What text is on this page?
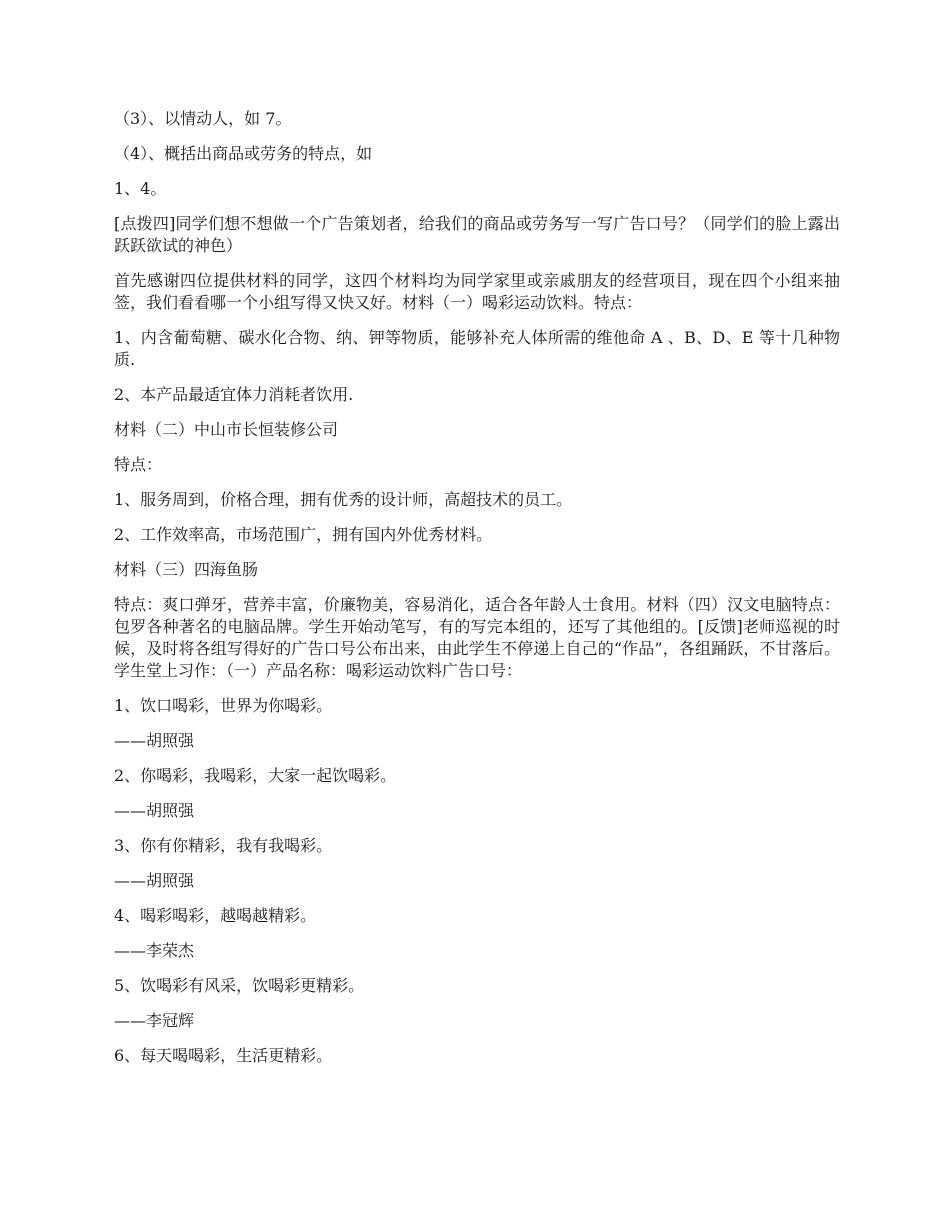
（3）、以情动人，如 7。

（4）、概括出商品或劳务的特点，如

1、4。

[点拨四]同学们想不想做一个广告策划者，给我们的商品或劳务写一写广告口号？（同学们的脸上露出跃跃欲试的神色）

首先感谢四位提供材料的同学，这四个材料均为同学家里或亲戚朋友的经营项目，现在四个小组来抽签，我们看看哪一个小组写得又快又好。材料（一）喝彩运动饮料。特点：

1、内含葡萄糖、碳水化合物、纳、钾等物质，能够补充人体所需的维他命 A 、B、D、E 等十几种物质.

2、本产品最适宜体力消耗者饮用.

材料（二）中山市长恒装修公司

特点：

1、服务周到，价格合理，拥有优秀的设计师，高超技术的员工。

2、工作效率高，市场范围广，拥有国内外优秀材料。

材料（三）四海鱼肠

特点：爽口弹牙，营养丰富，价廉物美，容易消化，适合各年龄人士食用。材料（四）汉文电脑特点：包罗各种著名的电脑品牌。学生开始动笔写，有的写完本组的，还写了其他组的。[反馈]老师巡视的时候，及时将各组写得好的广告口号公布出来，由此学生不停递上自己的“作品”，各组踊跃，不甘落后。学生堂上习作：（一）产品名称：喝彩运动饮料广告口号：

1、饮口喝彩，世界为你喝彩。

——胡照强

2、你喝彩，我喝彩，大家一起饮喝彩。

——胡照强

3、你有你精彩，我有我喝彩。

——胡照强

4、喝彩喝彩，越喝越精彩。

——李荣杰

5、饮喝彩有风采，饮喝彩更精彩。

——李冠辉

6、每天喝喝彩，生活更精彩。
